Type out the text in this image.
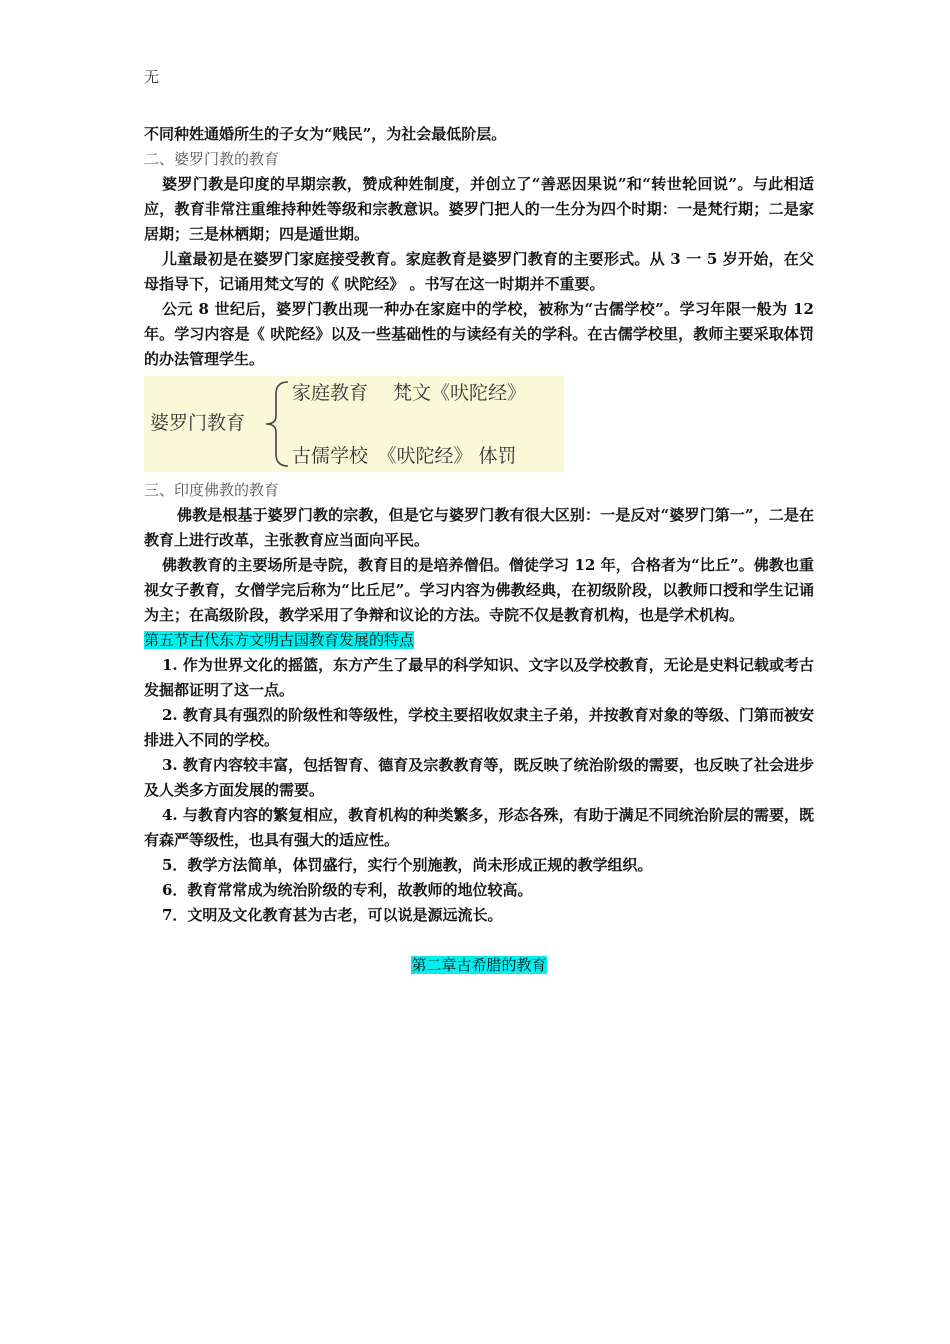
无
不同种姓通婚所生的子女为“贱民”，为社会最低阶层。
二、婆罗门教的教育
婆罗门教是印度的早期宗教，赞成种姓制度，并创立了“善恶因果说”和“转世轮回说”。与此相适应，教育非常注重维持种姓等级和宗教意识。婆罗门把人的一生分为四个时期：一是梵行期；二是家居期；三是林栖期；四是遁世期。
儿童最初是在婆罗门家庭接受教育。家庭教育是婆罗门教育的主要形式。从 3 一 5 岁开始，在父母指导下，记诵用梵文写的《 吠陀经》 。书写在这一时期并不重要。
公元 8 世纪后，婆罗门教出现一种办在家庭中的学校，被称为“古儒学校”。学习年限一般为 12 年。学习内容是《 吠陀经》以及一些基础性的与读经有关的学科。在古儒学校里，教师主要采取体罚的办法管理学生。
婆罗门教育
家庭教育　 梵文《吠陀经》
古儒学校　《吠陀经》 体罚
三、印度佛教的教育
佛教是根基于婆罗门教的宗教，但是它与婆罗门教有很大区别：一是反对“婆罗门第一”，二是在教育上进行改革，主张教育应当面向平民。
佛教教育的主要场所是寺院，教育目的是培养僧侣。僧徒学习 12 年，合格者为“比丘”。佛教也重视女子教育，女僧学完后称为“比丘尼”。学习内容为佛教经典，在初级阶段，以教师口授和学生记诵为主；在高级阶段，教学采用了争辩和议论的方法。寺院不仅是教育机构，也是学术机构。
第五节古代东方文明古国教育发展的特点
1. 作为世界文化的摇篮，东方产生了最早的科学知识、文字以及学校教育，无论是史料记载或考古发掘都证明了这一点。
2. 教育具有强烈的阶级性和等级性，学校主要招收奴隶主子弟，并按教育对象的等级、门第而被安排进入不同的学校。
3. 教育内容较丰富，包括智育、德育及宗教教育等，既反映了统治阶级的需要，也反映了社会进步及人类多方面发展的需要。
4. 与教育内容的繁复相应，教育机构的种类繁多，形态各殊，有助于满足不同统治阶层的需要，既有森严等级性，也具有强大的适应性。
5．教学方法简单，体罚盛行，实行个别施教，尚未形成正规的教学组织。
6．教育常常成为统治阶级的专利，故教师的地位较高。
7．文明及文化教育甚为古老，可以说是源远流长。
第二章古希腊的教育
